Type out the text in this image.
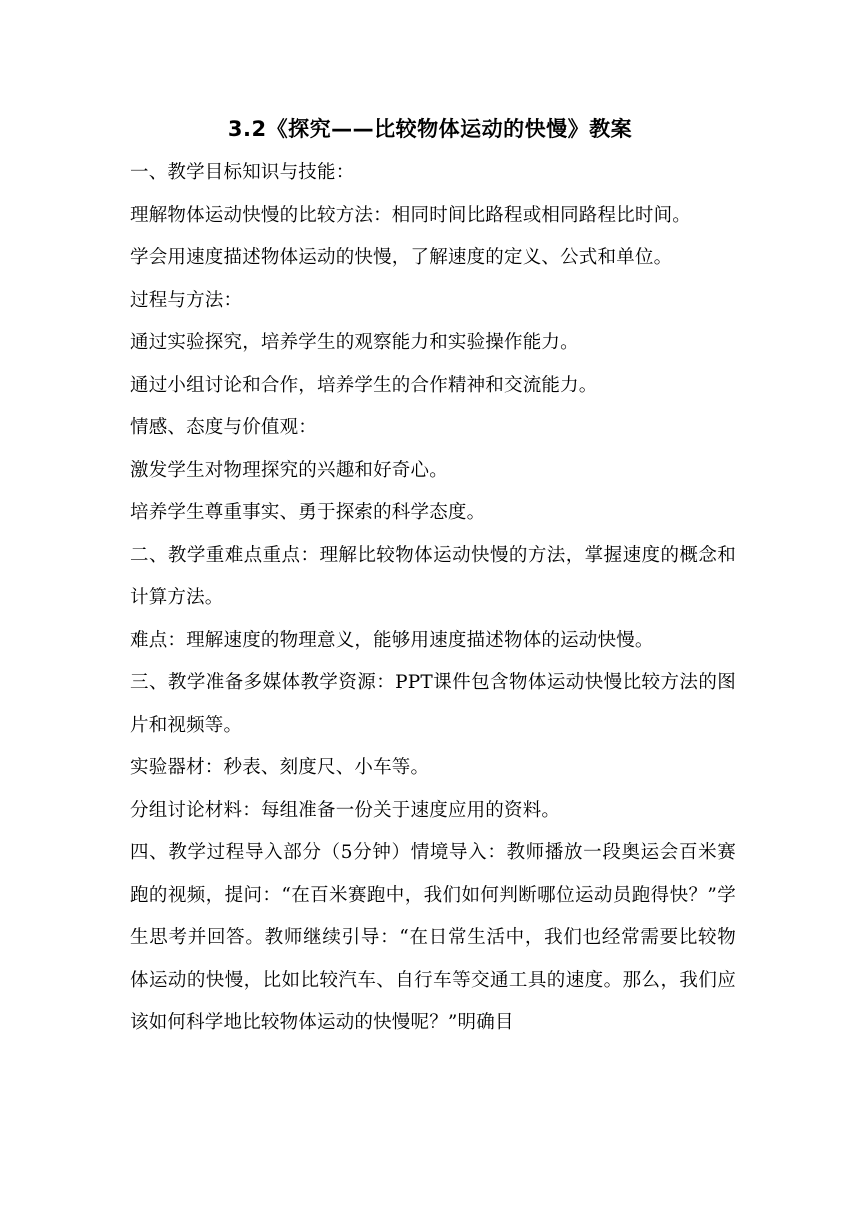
3.2《探究——比较物体运动的快慢》教案

一、教学目标知识与技能：

理解物体运动快慢的比较方法：相同时间比路程或相同路程比时间。

学会用速度描述物体运动的快慢，了解速度的定义、公式和单位。

过程与方法：

通过实验探究，培养学生的观察能力和实验操作能力。

通过小组讨论和合作，培养学生的合作精神和交流能力。

情感、态度与价值观：

激发学生对物理探究的兴趣和好奇心。

培养学生尊重事实、勇于探索的科学态度。

二、教学重难点重点：理解比较物体运动快慢的方法，掌握速度的概念和计算方法。

难点：理解速度的物理意义，能够用速度描述物体的运动快慢。

三、教学准备多媒体教学资源：PPT课件包含物体运动快慢比较方法的图片和视频等。

实验器材：秒表、刻度尺、小车等。

分组讨论材料：每组准备一份关于速度应用的资料。

四、教学过程导入部分（5分钟）情境导入：教师播放一段奥运会百米赛跑的视频，提问：“在百米赛跑中，我们如何判断哪位运动员跑得快？”学生思考并回答。教师继续引导：“在日常生活中，我们也经常需要比较物体运动的快慢，比如比较汽车、自行车等交通工具的速度。那么，我们应该如何科学地比较物体运动的快慢呢？”明确目
